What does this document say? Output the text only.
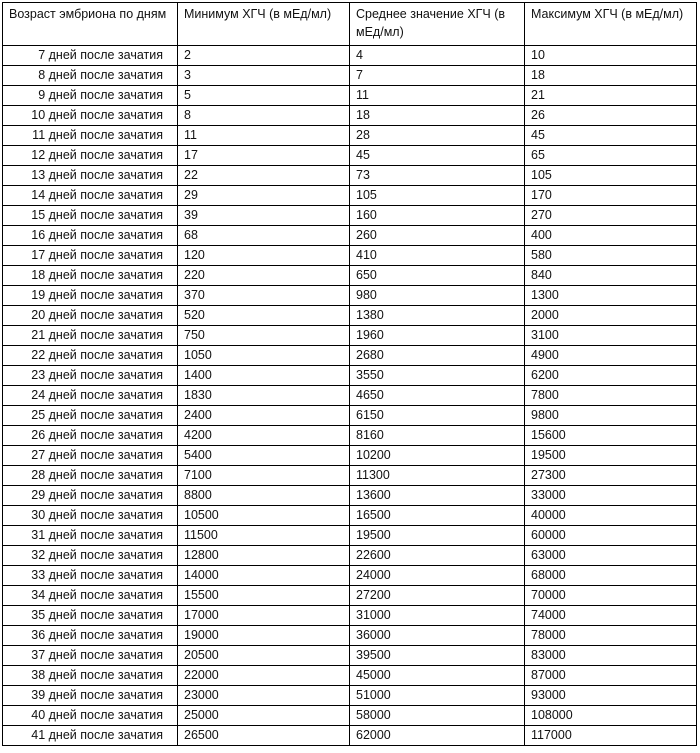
Возраст эмбриона по дням	Минимум ХГЧ (в мЕд/мл)	Среднее значение ХГЧ (в мЕд/мл)	Максимум ХГЧ (в мЕд/мл)
7 дней после зачатия	2	4	10
8 дней после зачатия	3	7	18
9 дней после зачатия	5	11	21
10 дней после зачатия	8	18	26
11 дней после зачатия	11	28	45
12 дней после зачатия	17	45	65
13 дней после зачатия	22	73	105
14 дней после зачатия	29	105	170
15 дней после зачатия	39	160	270
16 дней после зачатия	68	260	400
17 дней после зачатия	120	410	580
18 дней после зачатия	220	650	840
19 дней после зачатия	370	980	1300
20 дней после зачатия	520	1380	2000
21 дней после зачатия	750	1960	3100
22 дней после зачатия	1050	2680	4900
23 дней после зачатия	1400	3550	6200
24 дней после зачатия	1830	4650	7800
25 дней после зачатия	2400	6150	9800
26 дней после зачатия	4200	8160	15600
27 дней после зачатия	5400	10200	19500
28 дней после зачатия	7100	11300	27300
29 дней после зачатия	8800	13600	33000
30 дней после зачатия	10500	16500	40000
31 дней после зачатия	11500	19500	60000
32 дней после зачатия	12800	22600	63000
33 дней после зачатия	14000	24000	68000
34 дней после зачатия	15500	27200	70000
35 дней после зачатия	17000	31000	74000
36 дней после зачатия	19000	36000	78000
37 дней после зачатия	20500	39500	83000
38 дней после зачатия	22000	45000	87000
39 дней после зачатия	23000	51000	93000
40 дней после зачатия	25000	58000	108000
41 дней после зачатия	26500	62000	117000
